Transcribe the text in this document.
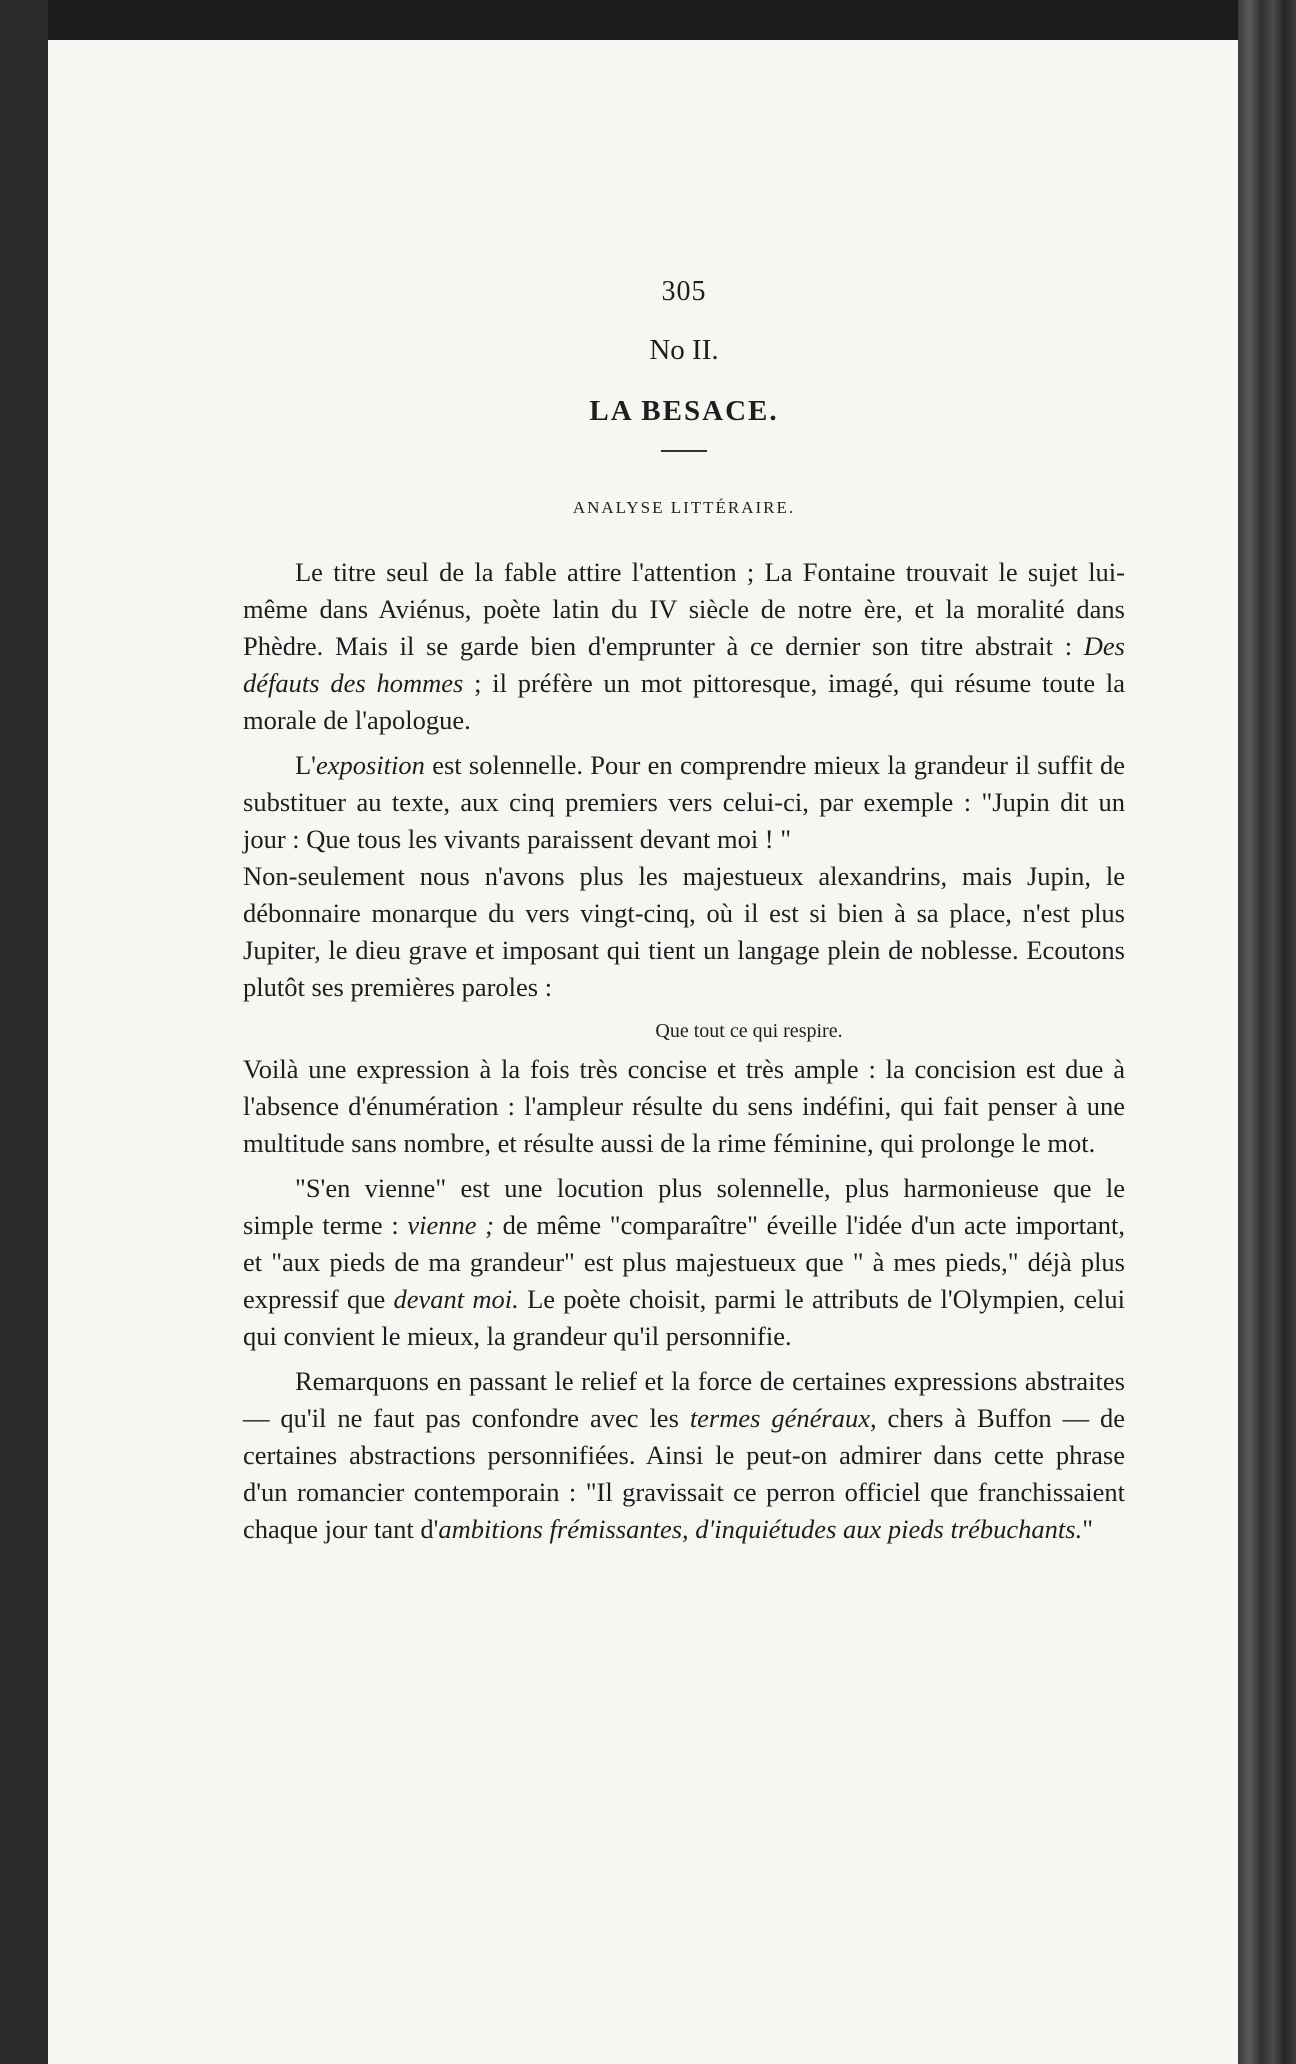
305
No II.
LA BESACE.
ANALYSE LITTÉRAIRE.

Le titre seul de la fable attire l'attention ; La Fontaine trouvait le sujet lui-même dans Aviénus, poète latin du IV siècle de notre ère, et la moralité dans Phèdre. Mais il se garde bien d'emprunter à ce dernier son titre abstrait : Des défauts des hommes ; il préfère un mot pittoresque, imagé, qui résume toute la morale de l'apologue.

L'exposition est solennelle. Pour en comprendre mieux la grandeur il suffit de substituer au texte, aux cinq premiers vers celui-ci, par exemple : "Jupin dit un jour : Que tous les vivants paraissent devant moi ! "

Non-seulement nous n'avons plus les majestueux alexandrins, mais Jupin, le débonnaire monarque du vers vingt-cinq, où il est si bien à sa place, n'est plus Jupiter, le dieu grave et imposant qui tient un langage plein de noblesse. Ecoutons plutôt ses premières paroles :

Que tout ce qui respire.

Voilà une expression à la fois très concise et très ample : la concision est due à l'absence d'énumération : l'ampleur résulte du sens indéfini, qui fait penser à une multitude sans nombre, et résulte aussi de la rime féminine, qui prolonge le mot.

"S'en vienne" est une locution plus solennelle, plus harmonieuse que le simple terme : vienne ; de même "comparaître" éveille l'idée d'un acte important, et "aux pieds de ma grandeur" est plus majestueux que " à mes pieds," déjà plus expressif que devant moi. Le poète choisit, parmi le attributs de l'Olympien, celui qui convient le mieux, la grandeur qu'il personnifie.

Remarquons en passant le relief et la force de certaines expressions abstraites — qu'il ne faut pas confondre avec les termes généraux, chers à Buffon — de certaines abstractions personnifiées. Ainsi le peut-on admirer dans cette phrase d'un romancier contemporain : "Il gravissait ce perron officiel que franchissaient chaque jour tant d'ambitions frémissantes, d'inquiétudes aux pieds trébuchants."
